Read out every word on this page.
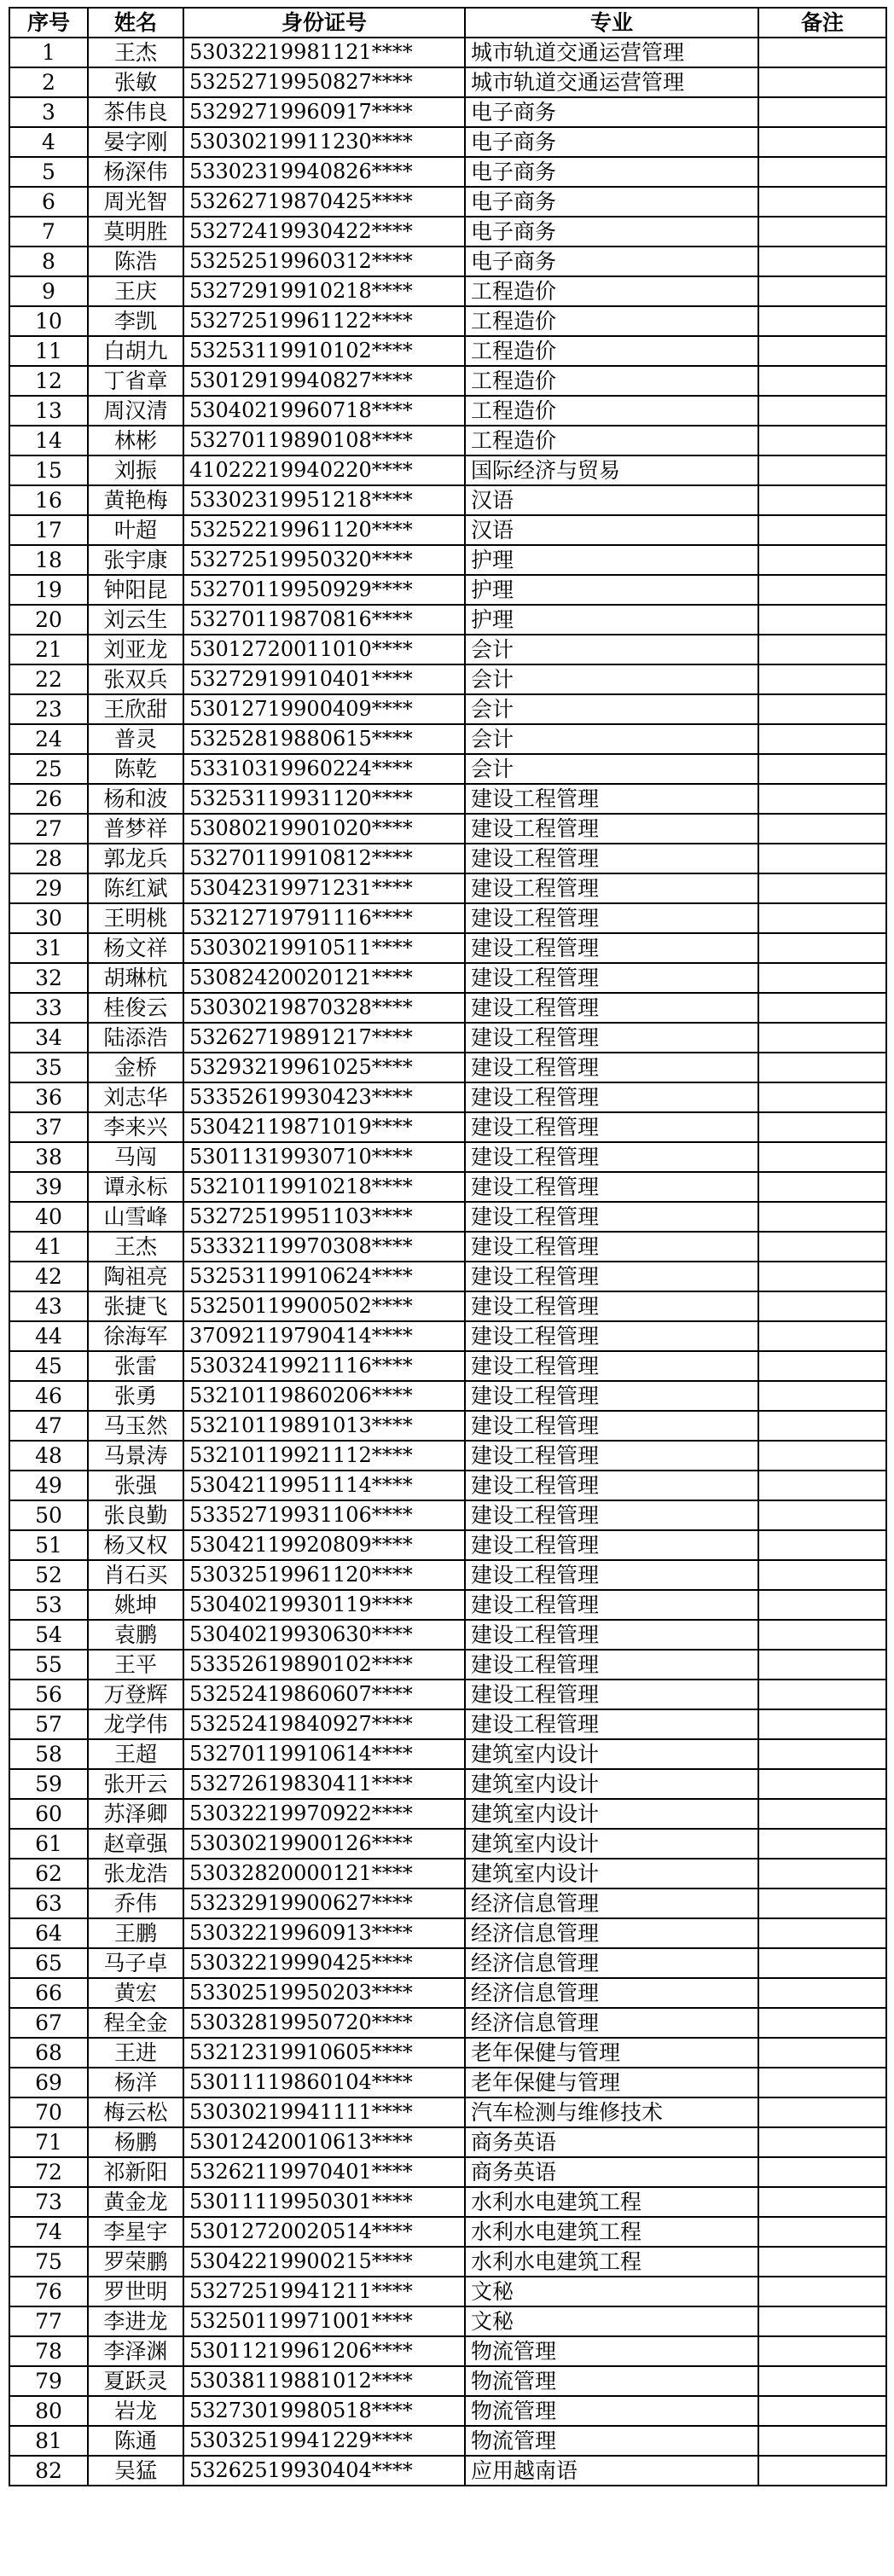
序号	姓名	身份证号	专业	备注
1	王杰	53032219981121****	城市轨道交通运营管理	
2	张敏	53252719950827****	城市轨道交通运营管理	
3	茶伟良	53292719960917****	电子商务	
4	晏字刚	53030219911230****	电子商务	
5	杨深伟	53302319940826****	电子商务	
6	周光智	53262719870425****	电子商务	
7	莫明胜	53272419930422****	电子商务	
8	陈浩	53252519960312****	电子商务	
9	王庆	53272919910218****	工程造价	
10	李凯	53272519961122****	工程造价	
11	白胡九	53253119910102****	工程造价	
12	丁省章	53012919940827****	工程造价	
13	周汉清	53040219960718****	工程造价	
14	林彬	53270119890108****	工程造价	
15	刘振	41022219940220****	国际经济与贸易	
16	黄艳梅	53302319951218****	汉语	
17	叶超	53252219961120****	汉语	
18	张宇康	53272519950320****	护理	
19	钟阳昆	53270119950929****	护理	
20	刘云生	53270119870816****	护理	
21	刘亚龙	53012720011010****	会计	
22	张双兵	53272919910401****	会计	
23	王欣甜	53012719900409****	会计	
24	普灵	53252819880615****	会计	
25	陈乾	53310319960224****	会计	
26	杨和波	53253119931120****	建设工程管理	
27	普梦祥	53080219901020****	建设工程管理	
28	郭龙兵	53270119910812****	建设工程管理	
29	陈红斌	53042319971231****	建设工程管理	
30	王明桃	53212719791116****	建设工程管理	
31	杨文祥	53030219910511****	建设工程管理	
32	胡琳杭	53082420020121****	建设工程管理	
33	桂俊云	53030219870328****	建设工程管理	
34	陆添浩	53262719891217****	建设工程管理	
35	金桥	53293219961025****	建设工程管理	
36	刘志华	53352619930423****	建设工程管理	
37	李来兴	53042119871019****	建设工程管理	
38	马闯	53011319930710****	建设工程管理	
39	谭永标	53210119910218****	建设工程管理	
40	山雪峰	53272519951103****	建设工程管理	
41	王杰	53332119970308****	建设工程管理	
42	陶祖亮	53253119910624****	建设工程管理	
43	张捷飞	53250119900502****	建设工程管理	
44	徐海军	37092119790414****	建设工程管理	
45	张雷	53032419921116****	建设工程管理	
46	张勇	53210119860206****	建设工程管理	
47	马玉然	53210119891013****	建设工程管理	
48	马景涛	53210119921112****	建设工程管理	
49	张强	53042119951114****	建设工程管理	
50	张良勤	53352719931106****	建设工程管理	
51	杨又权	53042119920809****	建设工程管理	
52	肖石买	53032519961120****	建设工程管理	
53	姚坤	53040219930119****	建设工程管理	
54	袁鹏	53040219930630****	建设工程管理	
55	王平	53352619890102****	建设工程管理	
56	万登辉	53252419860607****	建设工程管理	
57	龙学伟	53252419840927****	建设工程管理	
58	王超	53270119910614****	建筑室内设计	
59	张开云	53272619830411****	建筑室内设计	
60	苏泽卿	53032219970922****	建筑室内设计	
61	赵章强	53030219900126****	建筑室内设计	
62	张龙浩	53032820000121****	建筑室内设计	
63	乔伟	53232919900627****	经济信息管理	
64	王鹏	53032219960913****	经济信息管理	
65	马子卓	53032219990425****	经济信息管理	
66	黄宏	53302519950203****	经济信息管理	
67	程全金	53032819950720****	经济信息管理	
68	王进	53212319910605****	老年保健与管理	
69	杨洋	53011119860104****	老年保健与管理	
70	梅云松	53030219941111****	汽车检测与维修技术	
71	杨鹏	53012420010613****	商务英语	
72	祁新阳	53262119970401****	商务英语	
73	黄金龙	53011119950301****	水利水电建筑工程	
74	李星宇	53012720020514****	水利水电建筑工程	
75	罗荣鹏	53042219900215****	水利水电建筑工程	
76	罗世明	53272519941211****	文秘	
77	李进龙	53250119971001****	文秘	
78	李泽渊	53011219961206****	物流管理	
79	夏跃灵	53038119881012****	物流管理	
80	岩龙	53273019980518****	物流管理	
81	陈通	53032519941229****	物流管理	
82	吴猛	53262519930404****	应用越南语	
